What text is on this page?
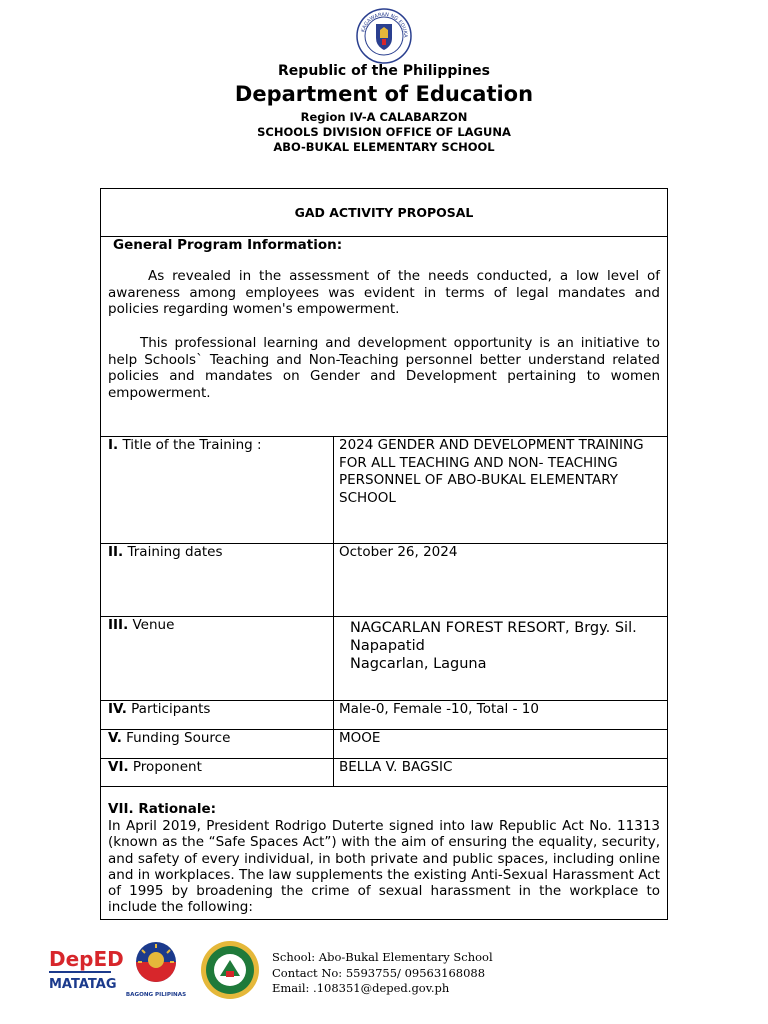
KAGAWARAN NG EDUKA
Republic of the Philippines
Department of Education
Region IV-A CALABARZON
SCHOOLS DIVISION OFFICE OF LAGUNA
ABO-BUKAL ELEMENTARY SCHOOL
GAD ACTIVITY PROPOSAL
General Program Information:

As revealed in the assessment of the needs conducted, a low level of awareness among employees was evident in terms of legal mandates and policies regarding women's empowerment.

This professional learning and development opportunity is an initiative to help Schools` Teaching and Non-Teaching personnel better understand related policies and mandates on Gender and Development pertaining to women empowerment.

I. Title of the Training :	2024 GENDER AND DEVELOPMENT TRAINING FOR ALL TEACHING AND NON- TEACHING PERSONNEL OF ABO-BUKAL ELEMENTARY SCHOOL
II. Training dates	October 26, 2024
III. Venue	NAGCARLAN FOREST RESORT, Brgy. Sil. Napapatid
Nagcarlan, Laguna
IV. Participants	Male-0, Female -10, Total - 10
V. Funding Source	MOOE
VI. Proponent	BELLA V. BAGSIC
VII. Rationale:

In April 2019, President Rodrigo Duterte signed into law Republic Act No. 11313 (known as the “Safe Spaces Act”) with the aim of ensuring the equality, security, and safety of every individual, in both private and public spaces, including online and in workplaces. The law supplements the existing Anti-Sexual Harassment Act of 1995 by broadening the crime of sexual harassment in the workplace to include the following:

DepED
MATATAG
BAGONG PILIPINAS
School: Abo-Bukal Elementary School
Contact No: 5593755/ 09563168088
Email: .108351@deped.gov.ph
